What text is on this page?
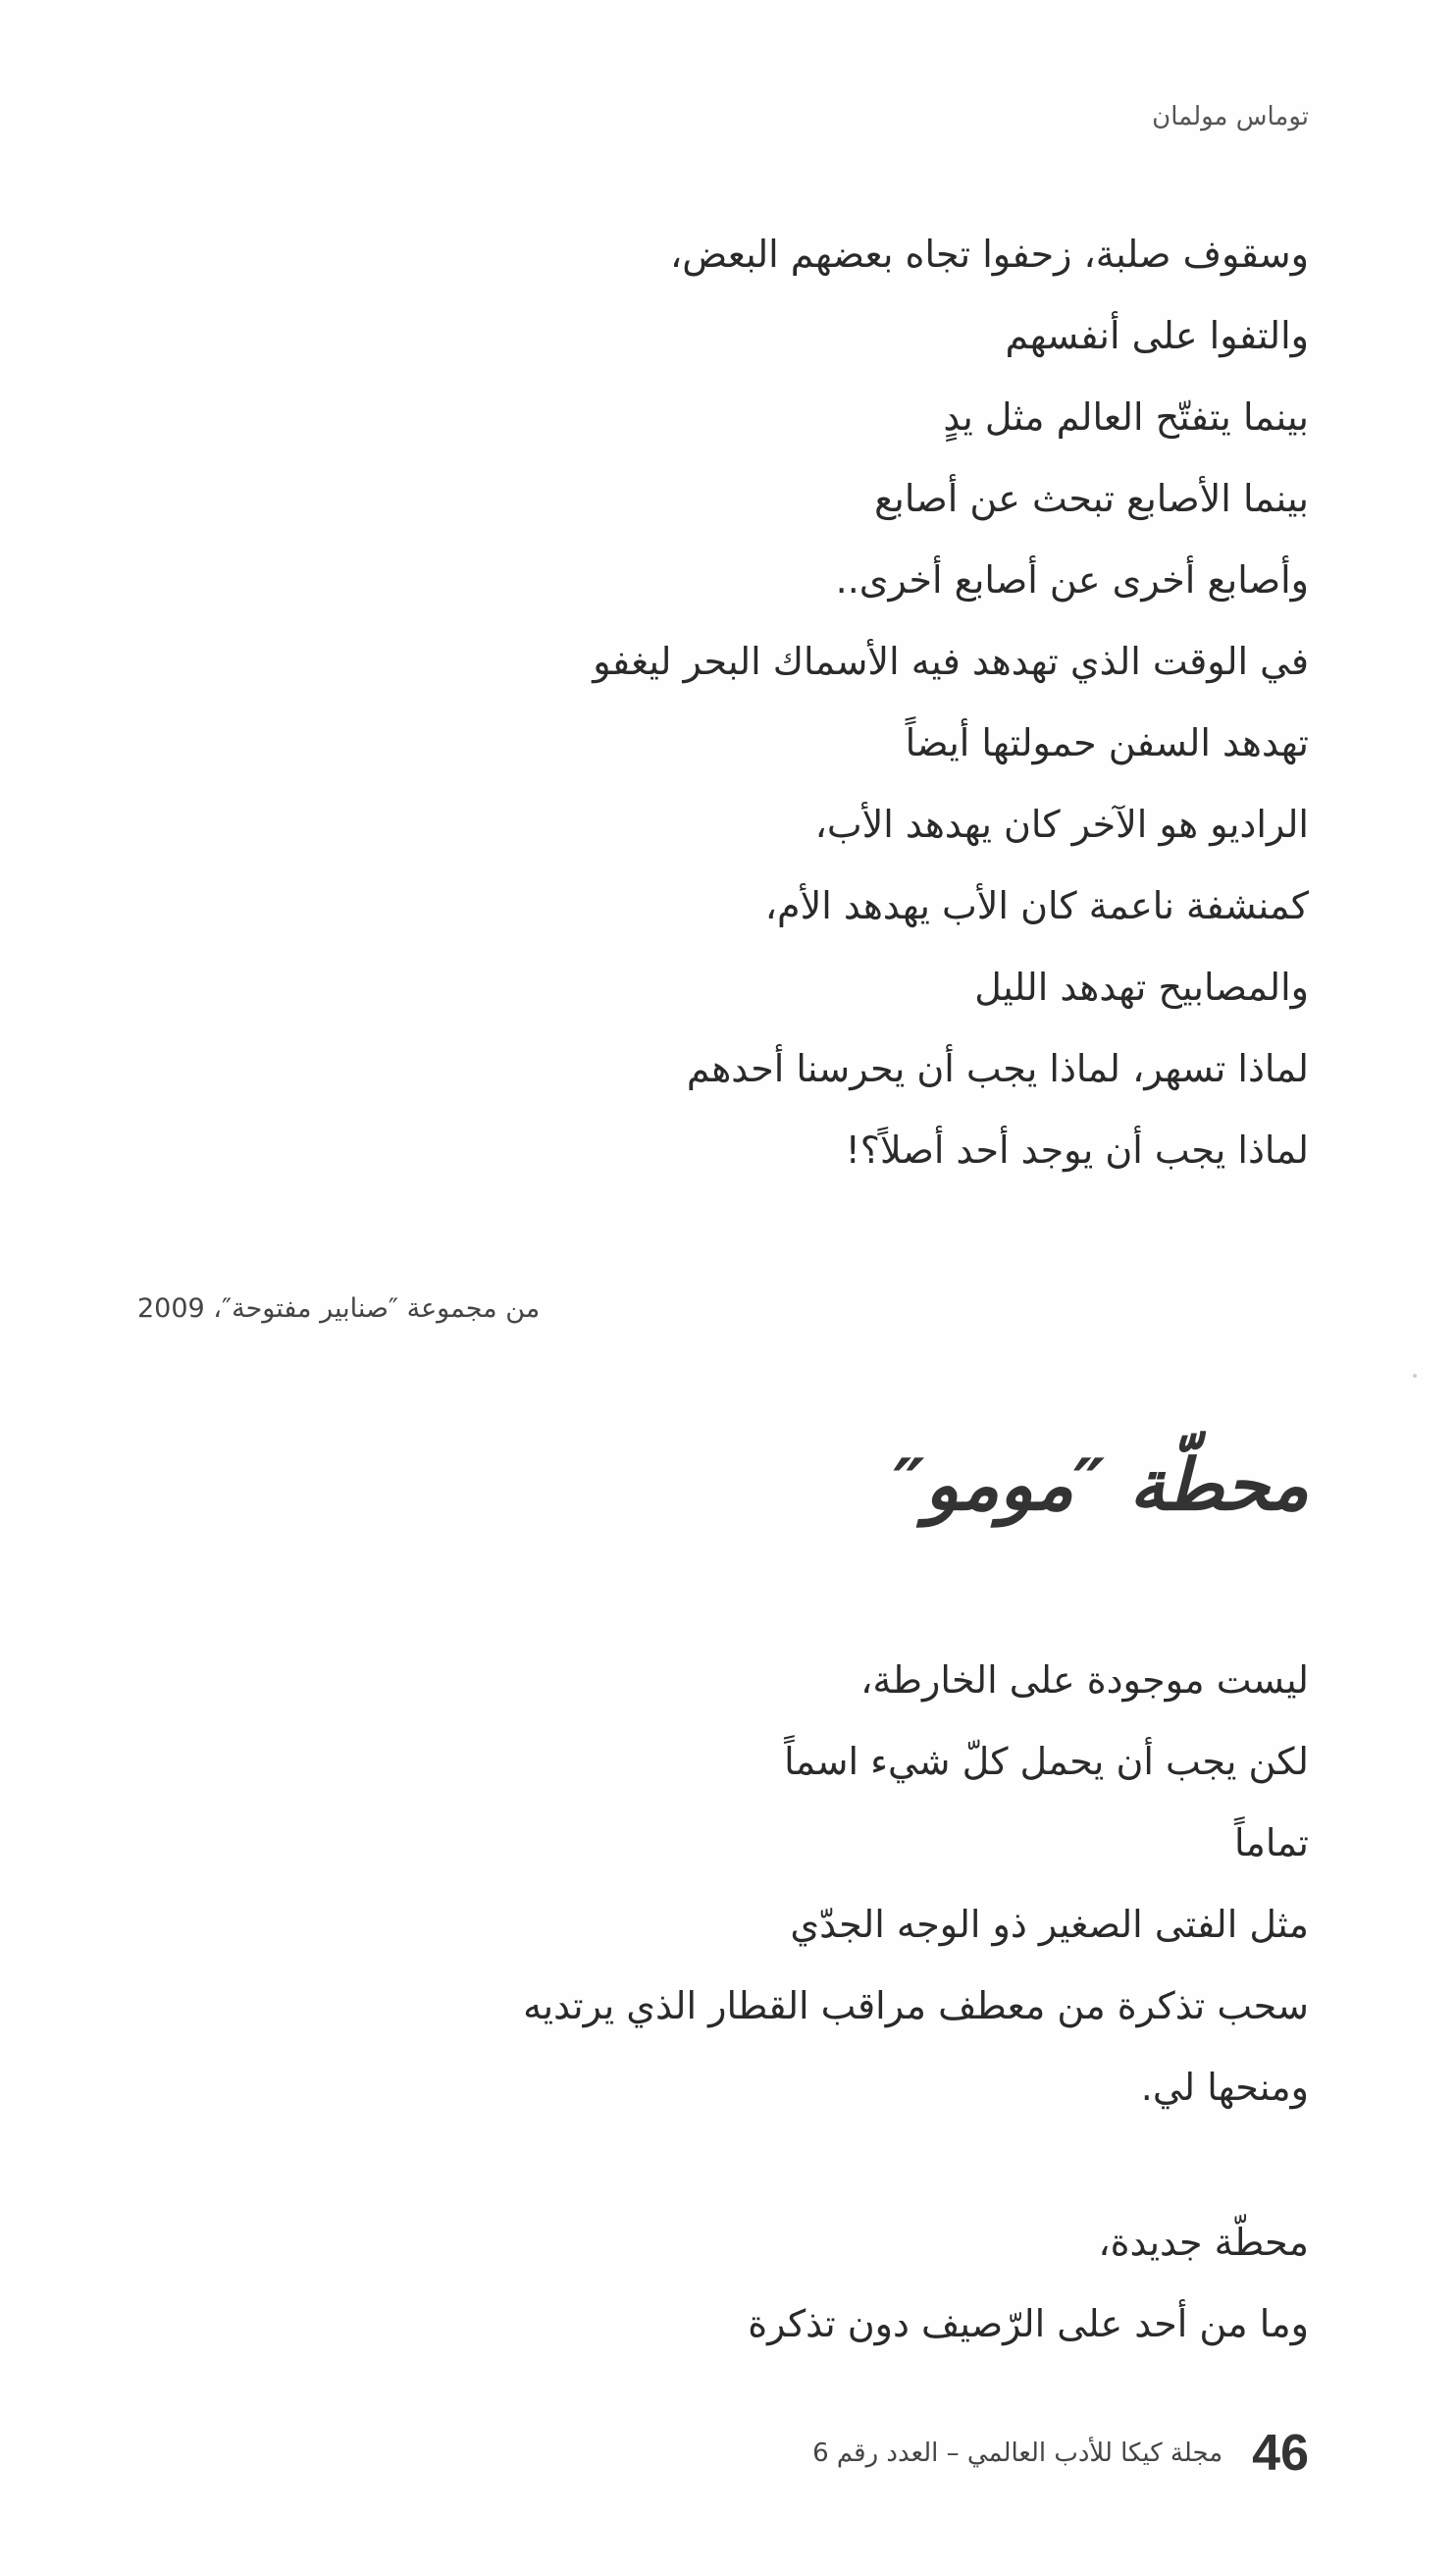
توماس مولمان
وسقوف صلبة، زحفوا تجاه بعضهم البعض،
والتفوا على أنفسهم
بينما يتفتّح العالم مثل يدٍ
بينما الأصابع تبحث عن أصابع
وأصابع أخرى عن أصابع أخرى..
في الوقت الذي تهدهد فيه الأسماك البحر ليغفو
تهدهد السفن حمولتها أيضاً
الراديو هو الآخر كان يهدهد الأب،
كمنشفة ناعمة كان الأب يهدهد الأم،
والمصابيح تهدهد الليل
لماذا تسهر، لماذا يجب أن يحرسنا أحدهم
لماذا يجب أن يوجد أحد أصلاً؟!
من مجموعة ″صنابير مفتوحة″، 2009
محطّة ″مومو″
ليست موجودة على الخارطة،
لكن يجب أن يحمل كلّ شيء اسماً
تماماً
مثل الفتى الصغير ذو الوجه الجدّي
سحب تذكرة من معطف مراقب القطار الذي يرتديه
ومنحها لي.
محطّة جديدة،
وما من أحد على الرّصيف دون تذكرة
46
مجلة كيكا للأدب العالمي – العدد رقم 6
